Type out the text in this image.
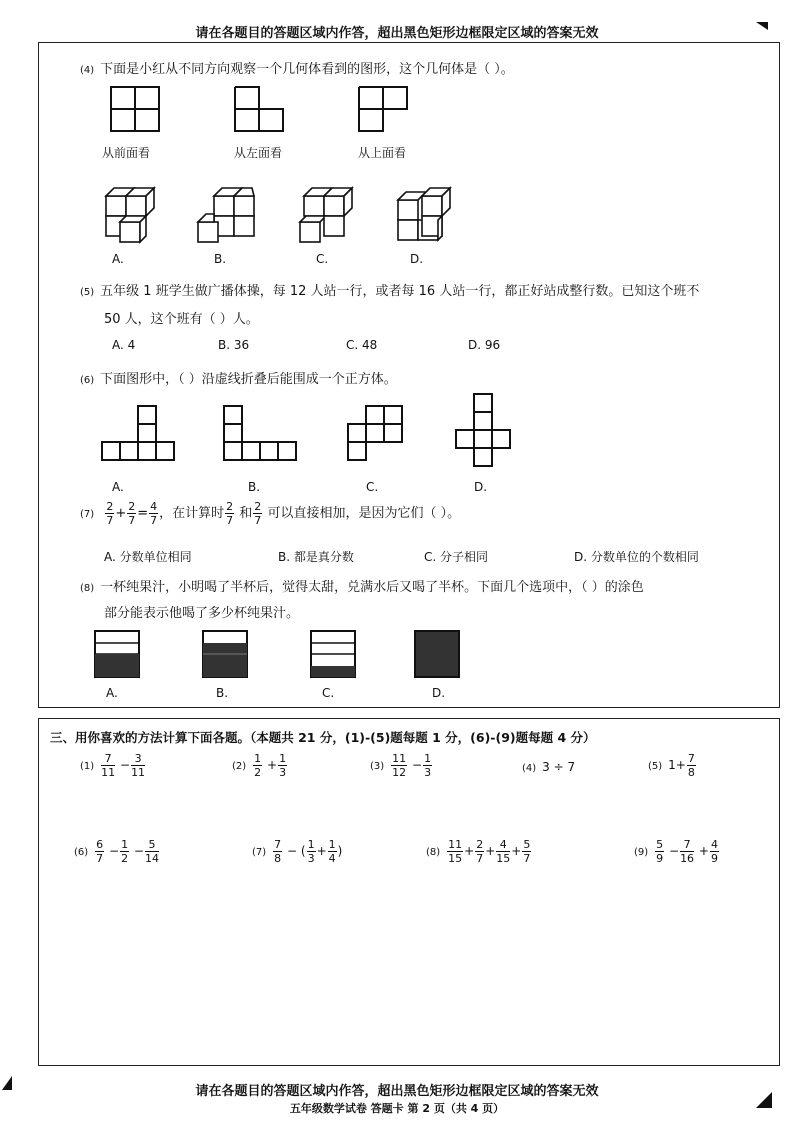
请在各题目的答题区域内作答，超出黑色矩形边框限定区域的答案无效
(4) 下面是小红从不同方向观察一个几何体看到的图形，这个几何体是（ ）。
从前面看	从左面看	从上面看
A.	B.	C.	D.
(5) 五年级 1 班学生做广播体操，每 12 人站一行，或者每 16 人站一行，都正好站成整行数。已知这个班不
50 人，这个班有（ ）人。
A. 4	B. 36	C. 48	D. 96
(6) 下面图形中，（ ）沿虚线折叠后能围成一个正方体。
A.	B.	C.	D.
$(7) \frac{2}{7} + \frac{2}{7} = \frac{4}{7}$ ，在计算时 $\frac{2}{7}$ 和 $\frac{2}{7}$ 可以直接相加，是因为它们（ ）。
A. 分数单位相同	B. 都是真分数	C. 分子相同	D. 分数单位的个数相同
(8) 一杯纯果汁，小明喝了半杯后，觉得太甜，兑满水后又喝了半杯。下面几个选项中，（ ）的涂色
部分能表示他喝了多少杯纯果汁。
A.	B.	C.	D.
三、用你喜欢的方法计算下面各题。（本题共 21 分，(1)-(5)题每题 1 分，(6)-(9)题每题 4 分）
$(1) \frac{7}{11} - \frac{3}{11}$	$(2) \frac{1}{2} + \frac{1}{3}$	$(3) \frac{11}{12} - \frac{1}{3}$	(4) 3 ÷ 7	(5) $1+ \frac{7}{8}$
$(6) \frac{6}{7} - \frac{1}{2} - \frac{5}{14}$	$(7) \frac{7}{8}$ − ( $\frac{1}{3} + \frac{1}{4}$ )	$(8) \frac{11}{15} + \frac{2}{7} + \frac{4}{15} + \frac{5}{7}$	$(9) \frac{5}{9} - \frac{7}{16} + \frac{4}{9}$
请在各题目的答题区域内作答，超出黑色矩形边框限定区域的答案无效
五年级数学试卷 答题卡 第 2 页（共 4 页）
